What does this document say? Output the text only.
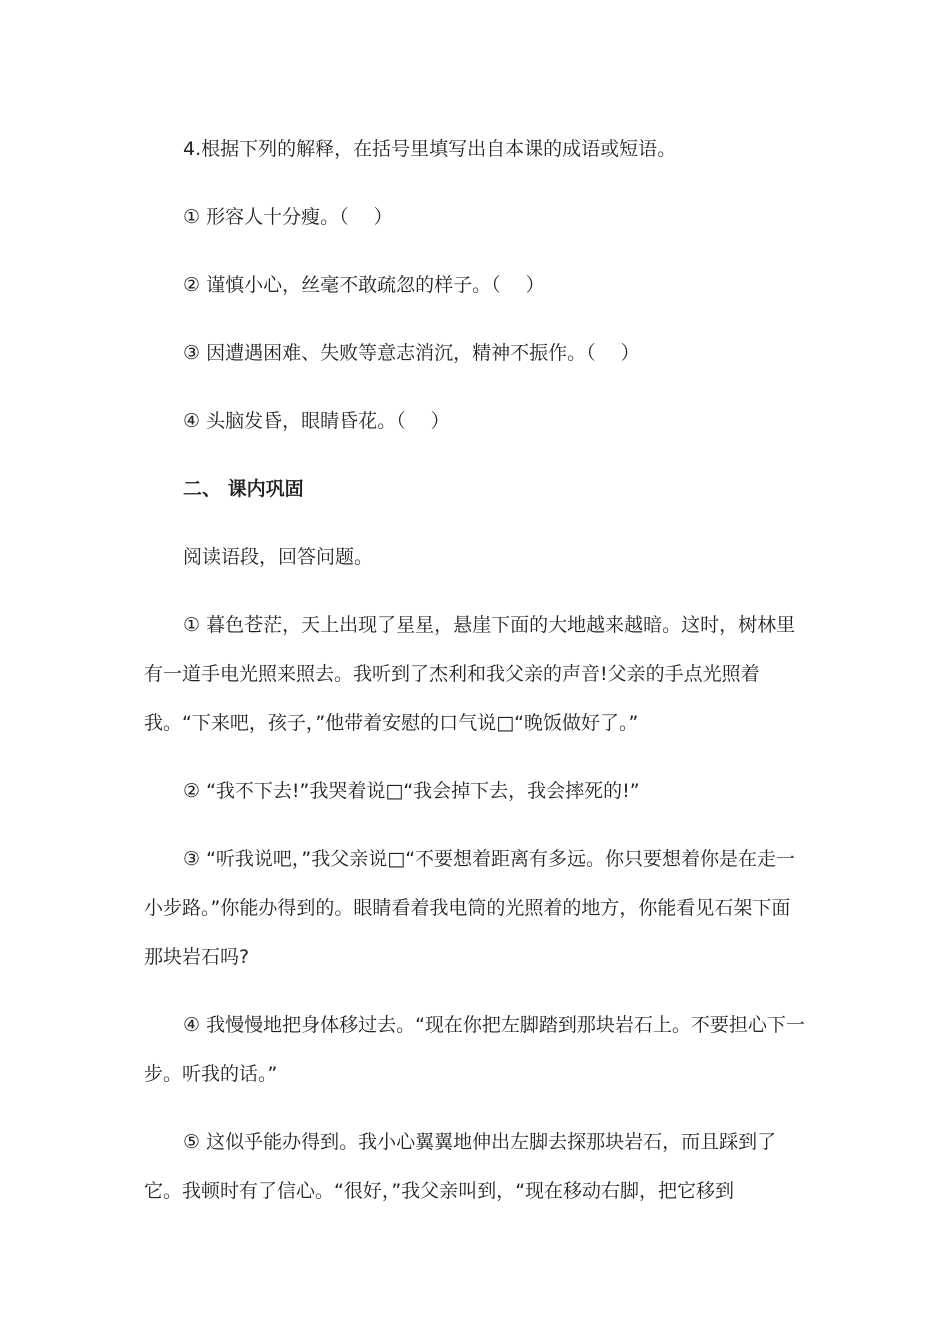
4.根据下列的解释，在括号里填写出自本课的成语或短语。

① 形容人十分瘦。（　 ）

② 谨慎小心，丝毫不敢疏忽的样子。（　 ）

③ 因遭遇困难、失败等意志消沉，精神不振作。（　 ）

④ 头脑发昏，眼睛昏花。（　 ）

二、 课内巩固

阅读语段，回答问题。

① 暮色苍茫，天上出现了星星，悬崖下面的大地越来越暗。这时，树林里有一道手电光照来照去。我听到了杰利和我父亲的声音!父亲的手点光照着我。“下来吧，孩子，”他带着安慰的口气说□“晚饭做好了。”

② “我不下去!”我哭着说□“我会掉下去，我会摔死的!”

③ “听我说吧，”我父亲说□“不要想着距离有多远。你只要想着你是在走一小步路。”你能办得到的。眼睛看着我电筒的光照着的地方，你能看见石架下面那块岩石吗?

④ 我慢慢地把身体移过去。“现在你把左脚踏到那块岩石上。不要担心下一步。听我的话。”

⑤ 这似乎能办得到。我小心翼翼地伸出左脚去探那块岩石，而且踩到了它。我顿时有了信心。“很好，”我父亲叫到，“现在移动右脚，把它移到
